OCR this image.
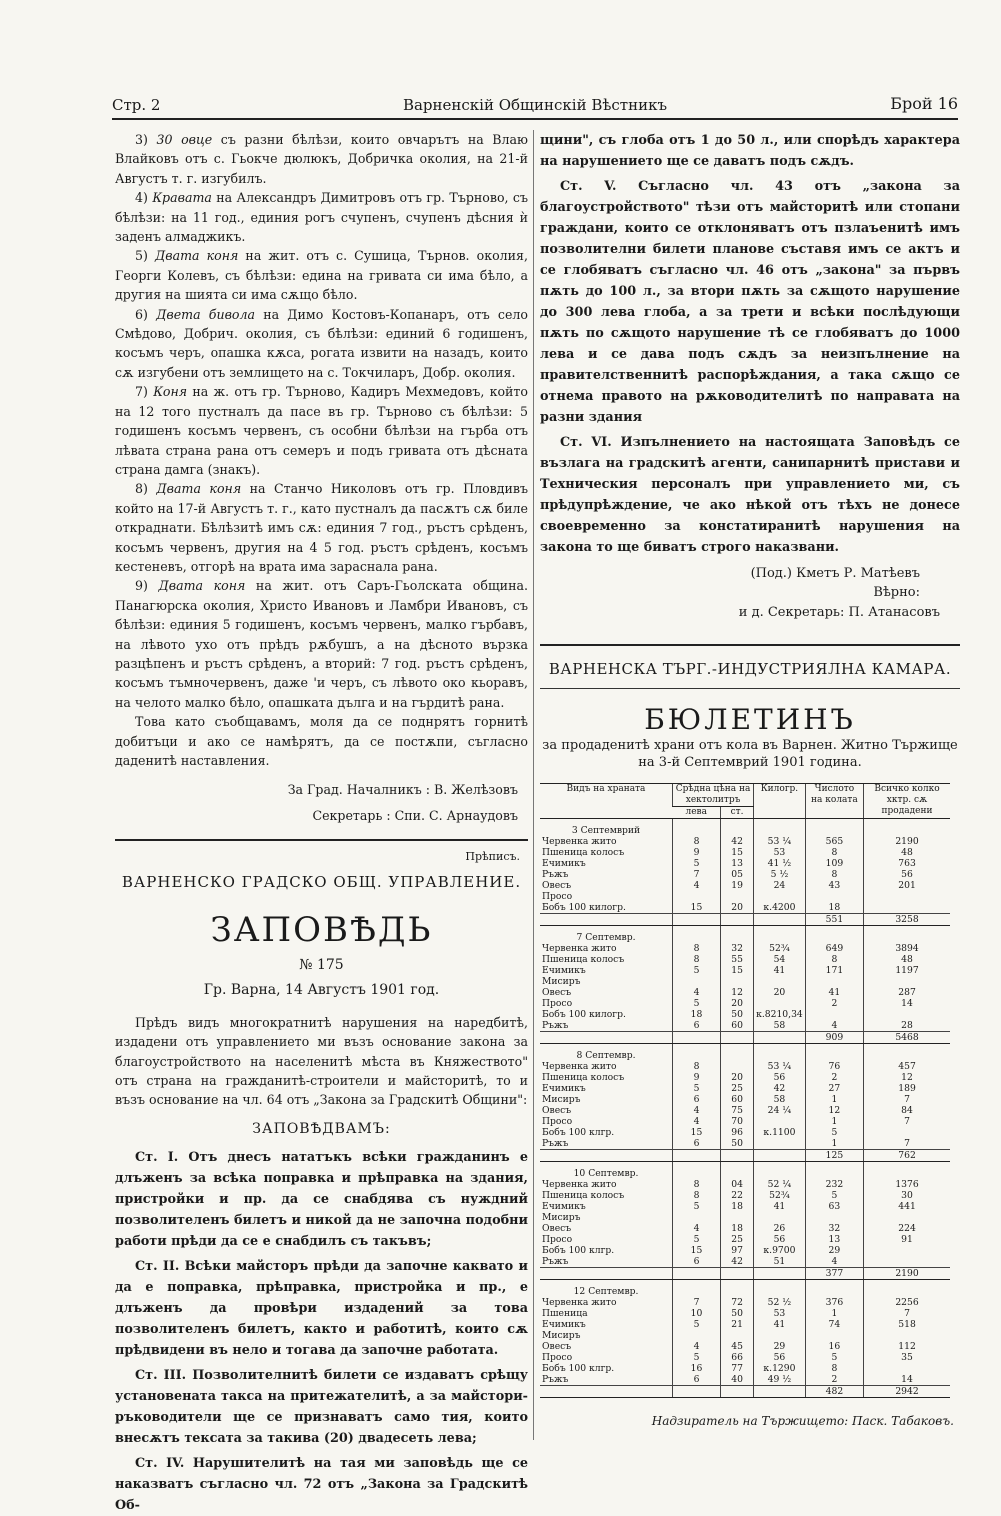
Стр. 2	Варненскій Общинскій Вѣстникъ	Брой 16

3) 30 овце съ разни бѣлѣзи, които овчарътъ на Влаю Влайковъ отъ с. Гьокче дюлюкъ, Добричка околия, на 21-й Августъ т. г. изгубилъ.

4) Кравата на Александръ Димитровъ отъ гр. Търново, съ бѣлѣзи: на 11 год., единия рогъ счупенъ, счупенъ дѣсния ѝ заденъ алмаджикъ.

5) Двата коня на жит. отъ с. Сушица, Търнов. околия, Георги Колевъ, съ бѣлѣзи: едина на гривата си има бѣло, а другия на шията си има сѫщо бѣло.

6) Двета бивола на Димо Костовъ-Копанаръ, отъ село Смѣдово, Добрич. околия, съ бѣлѣзи: единий 6 годишенъ, косъмъ черъ, опашка кѫса, рогата извити на назадъ, които сѫ изгубени отъ землището на с. Токчиларъ, Добр. околия.

7) Коня на ж. отъ гр. Търново, Кадиръ Мехмедовъ, който на 12 того пустналъ да пасе въ гр. Търново съ бѣлѣзи: 5 годишенъ косъмъ червенъ, съ особни бѣлѣзи на гърба отъ лѣвата страна рана отъ семеръ и подъ гривата отъ дѣсната страна дамга (знакъ).

8) Двата коня на Станчо Николовъ отъ гр. Пловдивъ който на 17-й Августъ т. г., като пустналъ да пасѫтъ сѫ биле откраднати. Бѣлѣзитѣ имъ сѫ: единия 7 год., ръстъ срѣденъ, косъмъ червенъ, другия на 4 5 год. ръстъ срѣденъ, косъмъ кестеневъ, отгорѣ на врата има зараснала рана.

9) Двата коня на жит. отъ Саръ-Гьолската община. Панагюрска околия, Христо Ивановъ и Ламбри Ивановъ, съ бѣлѣзи: единия 5 годишенъ, косъмъ червенъ, малко гърбавъ, на лѣвото ухо отъ прѣдъ рѫбушъ, а на дѣсното вързка разцѣпенъ и ръстъ срѣденъ, а вторий: 7 год. ръстъ срѣденъ, косъмъ тъмночервенъ, даже 'и черъ, съ лѣвото око кьоравъ, на челото малко бѣло, опашката дълга и на гърдитѣ рана.

Това като съобщавамъ, моля да се поднрятъ горнитѣ добитъци и ако се намѣрятъ, да се постѫпи, съгласно даденитѣ наставления.

За Град. Началникъ : В. Желѣзовъ

Секретарь : Спи. С. Арнаудовъ

Прѣписъ.
ВАРНЕНСКО ГРАДСКО ОБЩ. УПРАВЛЕНИЕ.
ЗАПОВѢДЬ
№ 175
Гр. Варна, 14 Августъ 1901 год.

Прѣдъ видъ многократнитѣ нарушения на наредбитѣ, издадени отъ управлението ми възъ основание закона за благоустройството на населенитѣ мѣста въ Княжеството" отъ страна на гражданитѣ-строители и майсторитѣ, то и възъ основание на чл. 64 отъ „Закона за Градскитѣ Общини":

ЗАПОВѢДВАМЪ:

Ст. I. Отъ днесъ нататъкъ всѣки гражданинъ e длъженъ за всѣка поправка и прѣправка на здания, пристройки и пр. да се снабдява съ нуждний позволителенъ билетъ и никой да не започна подобни работи прѣди да се е снабдилъ съ такъвъ;

Ст. II. Всѣки майсторъ прѣди да започне каквато и да е поправка, прѣправка, пристройка и пр., е длъженъ да провѣри издадений за това позволителенъ билетъ, както и работитѣ, които сѫ прѣдвидени въ нело и тогава да започне работата.

Ст. III. Позволителнитѣ билети се издаватъ срѣщу установената такса на притежателитѣ, а за майстори-ръководители ще се признаватъ само тия, които внесѫтъ тексата за такива (20) двадесеть лева;

Ст. IV. Нарушителитѣ на тая ми заповѣдь ще се наказватъ съгласно чл. 72 отъ „Закона за Градскитѣ Об-

щини", съ глоба отъ 1 до 50 л., или спорѣдъ характера на нарушението ще се даватъ подъ сѫдъ.

Ст. V. Съгласно чл. 43 отъ „закона за благоустройството" тѣзи отъ майсторитѣ или стопани граждани, които се отклоняватъ отъ пзлаъенитѣ имъ позволителни билети планове съставя имъ се актъ и се глобяватъ съгласно чл. 46 отъ „закона" за първъ пѫть до 100 л., за втори пѫть за сѫщото нарушение до 300 лева глоба, а за трети и всѣки послѣдующи пѫть по сѫщото нарушение тѣ се глобяватъ до 1000 лева и се дава подъ сѫдъ за неизпълнение на правителственнитѣ распорѣждания, а така сѫщо се отнема правото на рѫководителитѣ по направата на разни здания

Ст. VI. Изпълнението на настоящата Заповѣдъ се възлага на градскитѣ агенти, санипарнитѣ пристави и Техническия персоналъ при управлението ми, съ прѣдупрѣждение, че ако нѣкой отъ тѣхъ не донесе своевременно за констатиранитѣ нарушения на закона то ще биватъ строго наказвани.

(Под.) Кметъ Р. Матѣевъ

Вѣрно:

и д. Секретарь: П. Атанасовъ

ВАРНЕНСКА ТЪРГ.-ИНДУСТРИЯЛНА КАМАРА.
БЮЛЕТИНЪ
за продаденитѣ храни отъ кола въ Варнен. Житно Тържище
на 3-й Септемврий 1901 година.
Видъ на храната	Срѣдна цѣна на хектолитръ		Килогр.	Числото на колата	Всичко колко хктр. сѫ продадени
	лева	ст.			
3 Септемврий					
Червенка жито	8	42	53 ¼	565	2190
Пшеница колосъ	9	15	53	8	48
Ечимикъ	5	13	41 ½	109	763
Ръжъ	7	05	5 ½	8	56
Овесъ	4	19	24	43	201
Просо					
Бобъ 100 килогр.	15	20	к.4200	18	
				551	3258
7 Септемвр.					
Червенка жито	8	32	52¾	649	3894
Пшеница колосъ	8	55	54	8	48
Ечимикъ	5	15	41	171	1197
Мисиръ					
Овесъ	4	12	20	41	287
Просо	5	20		2	14
Бобъ 100 килогр.	18	50	к.8210,34		
Ръжъ	6	60	58	4	28
				909	5468
8 Септемвр.					
Червенка жито	8		53 ¼	76	457
Пшеница колосъ	9	20	56	2	12
Ечимикъ	5	25	42	27	189
Мисиръ	6	60	58	1	7
Овесъ	4	75	24 ¼	12	84
Просо	4	70		1	7
Бобъ 100 клгр.	15	96	к.1100	5	
Ръжъ	6	50		1	7
				125	762
10 Септемвр.					
Червенка жито	8	04	52 ¼	232	1376
Пшеница колосъ	8	22	52¾	5	30
Ечимикъ	5	18	41	63	441
Мисиръ					
Овесъ	4	18	26	32	224
Просо	5	25	56	13	91
Бобъ 100 клгр.	15	97	к.9700	29	
Ръжъ	6	42	51	4	
				377	2190
12 Септемвр.					
Червенка жито	7	72	52 ½	376	2256
Пшеница	10	50	53	1	7
Ечимикъ	5	21	41	74	518
Мисиръ					
Овесъ	4	45	29	16	112
Просо	5	66	56	5	35
Бобъ 100 клгр.	16	77	к.1290	8	
Ръжъ	6	40	49 ½	2	14
				482	2942
Надзиратель на Тържището: Паск. Табаковъ.
